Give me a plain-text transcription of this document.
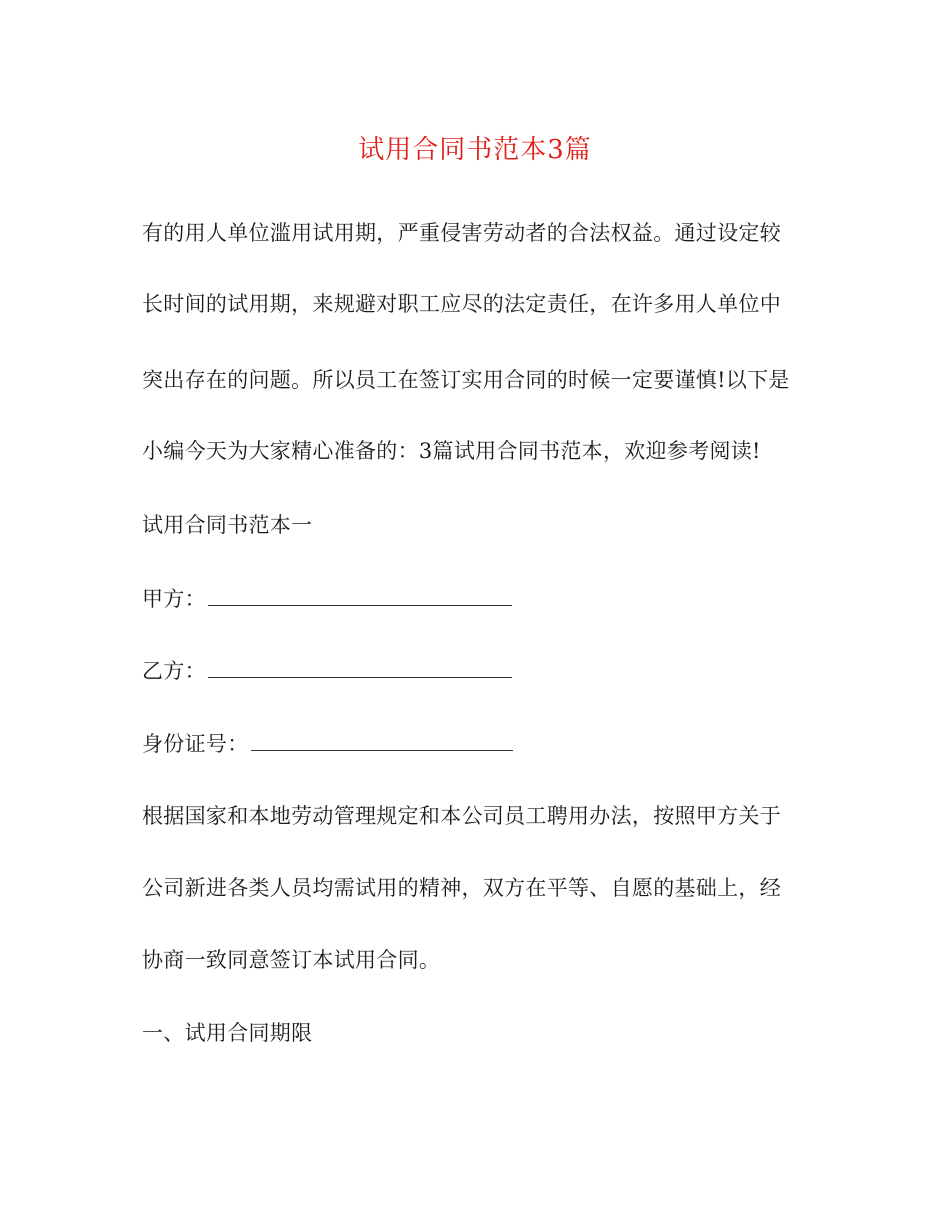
试用合同书范本3篇
有的用人单位滥用试用期，严重侵害劳动者的合法权益。通过设定较
长时间的试用期，来规避对职工应尽的法定责任，在许多用人单位中
突出存在的问题。所以员工在签订实用合同的时候一定要谨慎!以下是
小编今天为大家精心准备的：3篇试用合同书范本，欢迎参考阅读!
试用合同书范本一
甲方：
乙方：
身份证号：
根据国家和本地劳动管理规定和本公司员工聘用办法，按照甲方关于
公司新进各类人员均需试用的精神，双方在平等、自愿的基础上，经
协商一致同意签订本试用合同。
一、试用合同期限
